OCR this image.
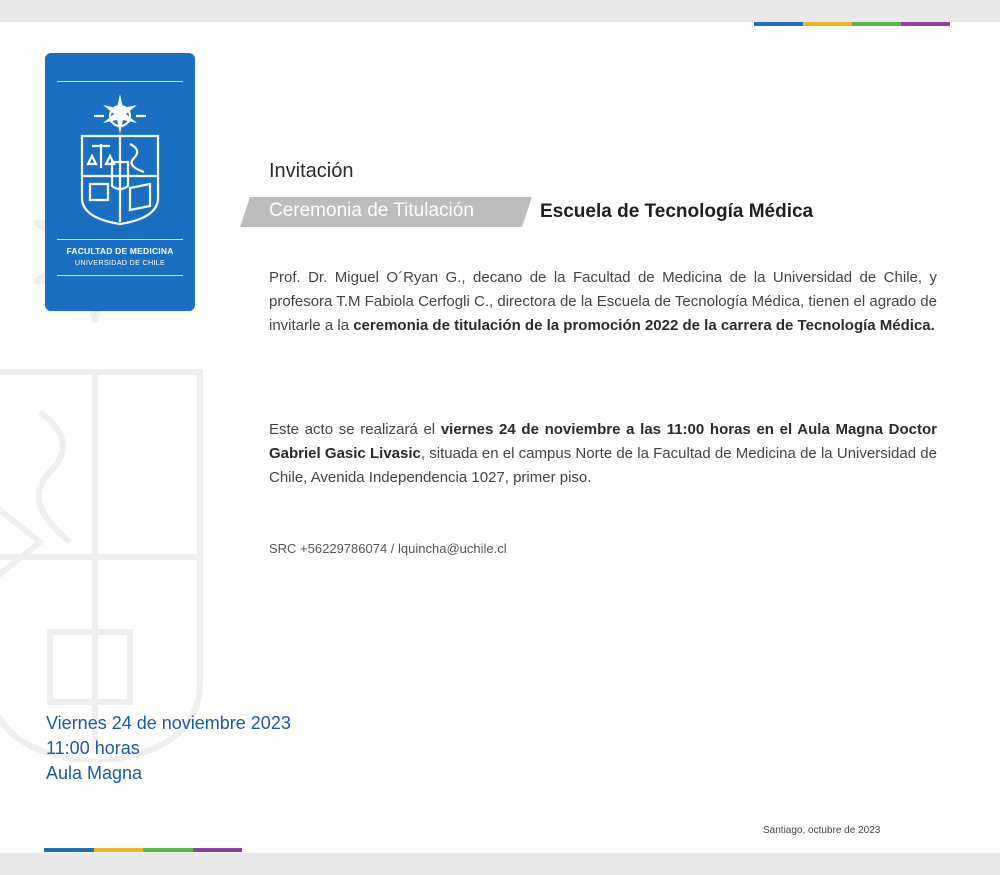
FACULTAD DE MEDICINA
UNIVERSIDAD DE CHILE
Invitación
Ceremonia de Titulación	Escuela de Tecnología Médica

Prof. Dr. Miguel O´Ryan G., decano de la Facultad de Medicina de la Universidad de Chile, y profesora T.M Fabiola Cerfogli C., directora de la Escuela de Tecnología Médica, tienen el agrado de invitarle a la ceremonia de titulación de la promoción 2022 de la carrera de Tecnología Médica.

Este acto se realizará el viernes 24 de noviembre a las 11:00 horas en el Aula Magna Doctor Gabriel Gasic Livasic, situada en el campus Norte de la Facultad de Medicina de la Universidad de Chile, Avenida Independencia 1027, primer piso.

SRC +56229786074 / lquincha@uchile.cl
Viernes 24 de noviembre 2023
11:00 horas
Aula Magna
Santiago, octubre de 2023
